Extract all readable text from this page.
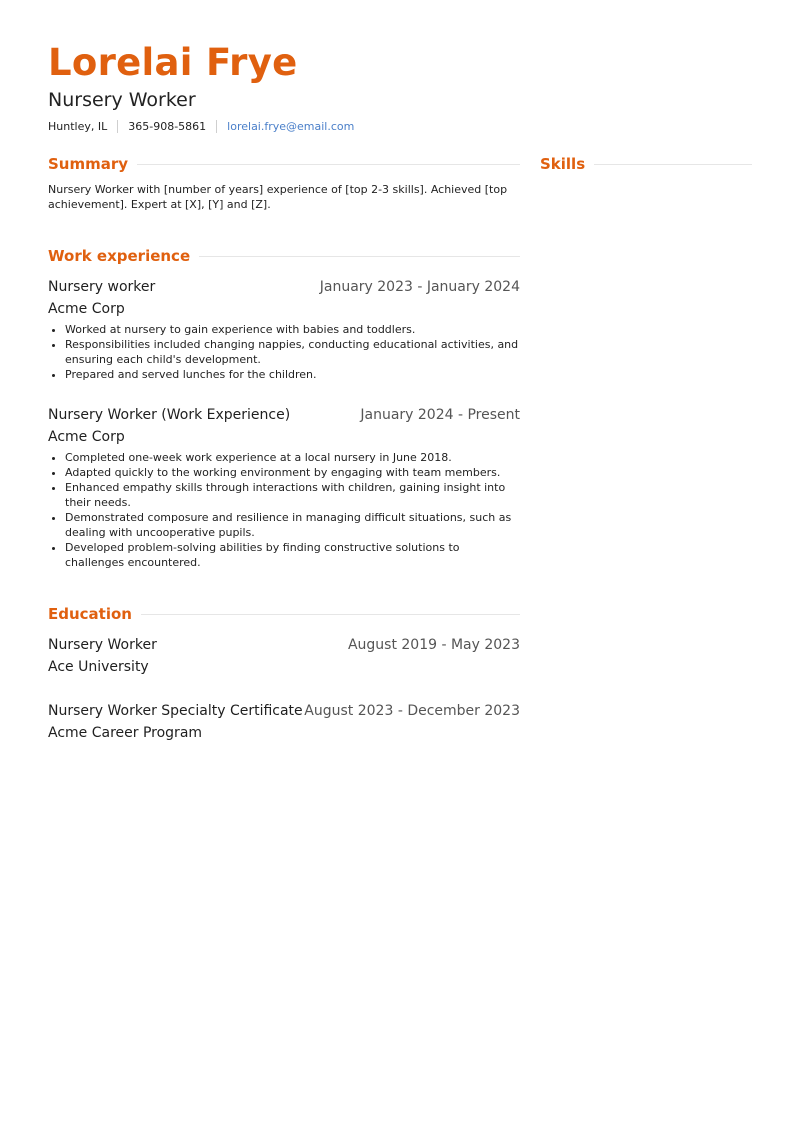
Lorelai Frye
Nursery Worker
Huntley, IL 365-908-5861 lorelai.frye@email.com
Summary
Nursery Worker with [number of years] experience of [top 2-3 skills]. Achieved [top achievement]. Expert at [X], [Y] and [Z].
Work experience
Nursery worker	January 2023 - January 2024
Acme Corp
• Worked at nursery to gain experience with babies and toddlers.
• Responsibilities included changing nappies, conducting educational activities, and ensuring each child's development.
• Prepared and served lunches for the children.
Nursery Worker (Work Experience)	January 2024 - Present
Acme Corp
• Completed one-week work experience at a local nursery in June 2018.
• Adapted quickly to the working environment by engaging with team members.
• Enhanced empathy skills through interactions with children, gaining insight into their needs.
• Demonstrated composure and resilience in managing difficult situations, such as dealing with uncooperative pupils.
• Developed problem-solving abilities by finding constructive solutions to challenges encountered.
Education
Nursery Worker	August 2019 - May 2023
Ace University
Nursery Worker Specialty Certificate August 2023 - December 2023
Acme Career Program
Skills
